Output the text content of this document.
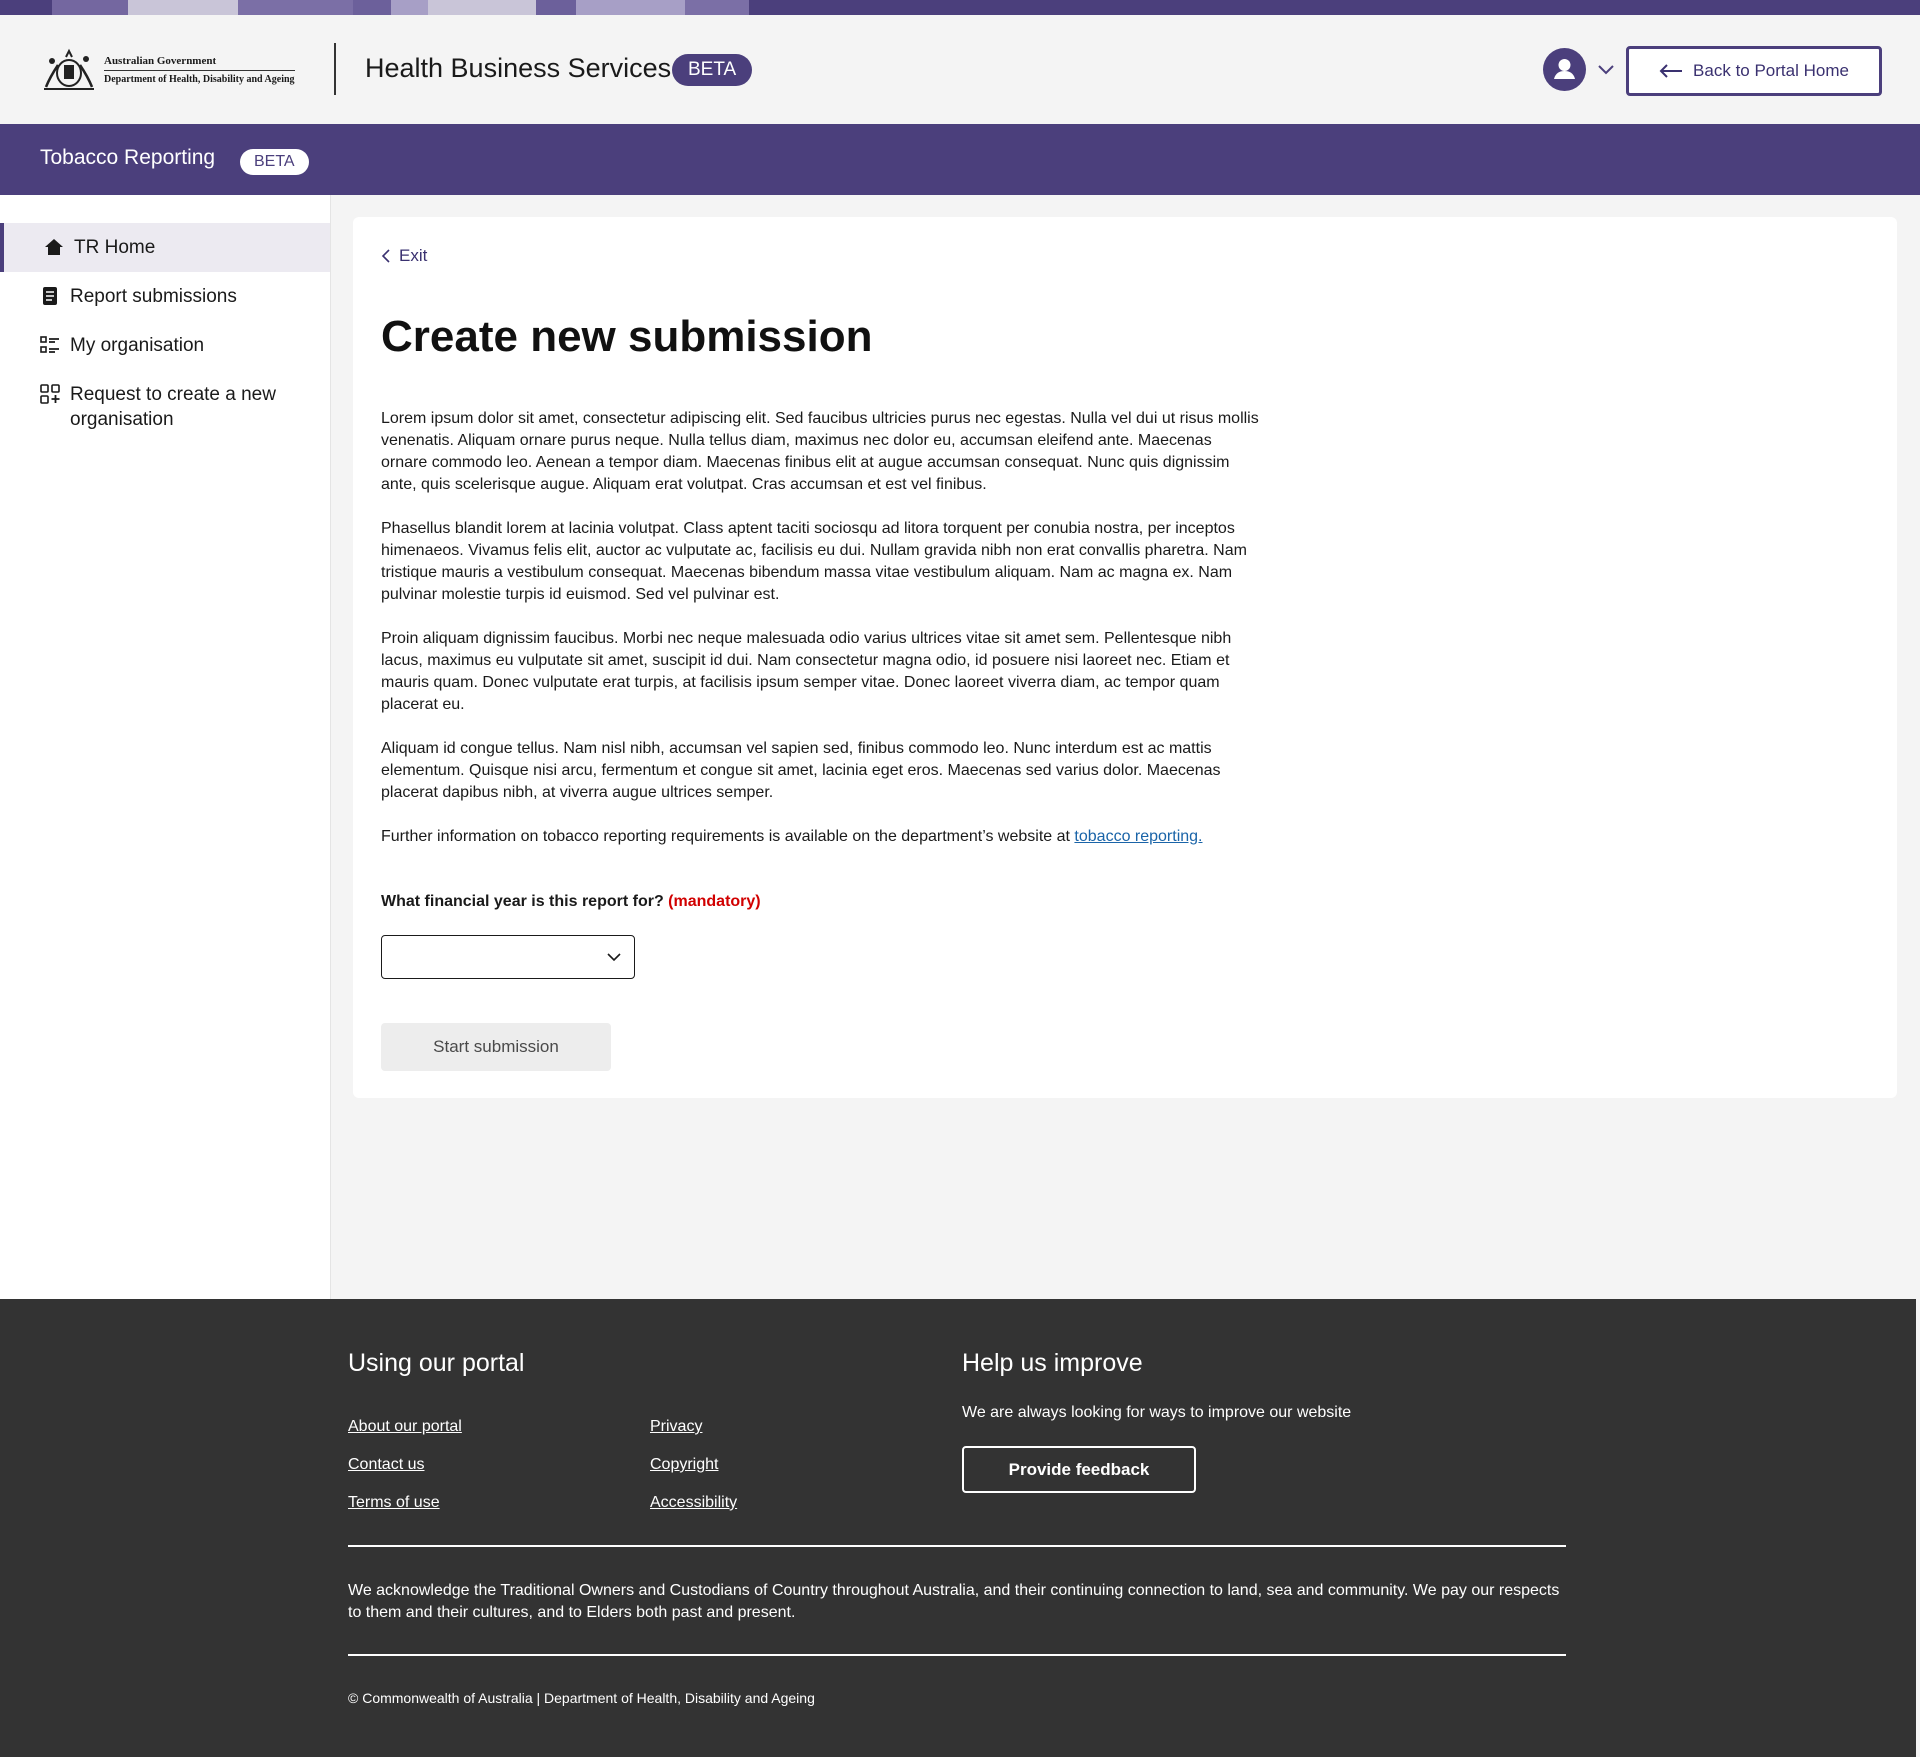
Australian Government
Department of Health, Disability and Ageing	Health Business Services BETA	Back to Portal Home
Tobacco Reporting	BETA
TR Home
Report submissions
My organisation
Request to create a new organisation
Exit
Create new submission

Lorem ipsum dolor sit amet, consectetur adipiscing elit. Sed faucibus ultricies purus nec egestas. Nulla vel dui ut risus mollis venenatis. Aliquam ornare purus neque. Nulla tellus diam, maximus nec dolor eu, accumsan eleifend ante. Maecenas ornare commodo leo. Aenean a tempor diam. Maecenas finibus elit at augue accumsan consequat. Nunc quis dignissim ante, quis scelerisque augue. Aliquam erat volutpat. Cras accumsan et est vel finibus.

Phasellus blandit lorem at lacinia volutpat. Class aptent taciti sociosqu ad litora torquent per conubia nostra, per inceptos himenaeos. Vivamus felis elit, auctor ac vulputate ac, facilisis eu dui. Nullam gravida nibh non erat convallis pharetra. Nam tristique mauris a vestibulum consequat. Maecenas bibendum massa vitae vestibulum aliquam. Nam ac magna ex. Nam pulvinar molestie turpis id euismod. Sed vel pulvinar est.

Proin aliquam dignissim faucibus. Morbi nec neque malesuada odio varius ultrices vitae sit amet sem. Pellentesque nibh lacus, maximus eu vulputate sit amet, suscipit id dui. Nam consectetur magna odio, id posuere nisi laoreet nec. Etiam et mauris quam. Donec vulputate erat turpis, at facilisis ipsum semper vitae. Donec laoreet viverra diam, ac tempor quam placerat eu.

Aliquam id congue tellus. Nam nisl nibh, accumsan vel sapien sed, finibus commodo leo. Nunc interdum est ac mattis elementum. Quisque nisi arcu, fermentum et congue sit amet, lacinia eget eros. Maecenas sed varius dolor. Maecenas placerat dapibus nibh, at viverra augue ultrices semper.

Further information on tobacco reporting requirements is available on the department’s website at tobacco reporting.

What financial year is this report for? (mandatory)
Start submission
Using our portal
About our portal
Contact us
Terms of use
Privacy
Copyright
Accessibility
Help us improve
We are always looking for ways to improve our website
Provide feedback
We acknowledge the Traditional Owners and Custodians of Country throughout Australia, and their continuing connection to land, sea and community. We pay our respects to them and their cultures, and to Elders both past and present.
© Commonwealth of Australia | Department of Health, Disability and Ageing
